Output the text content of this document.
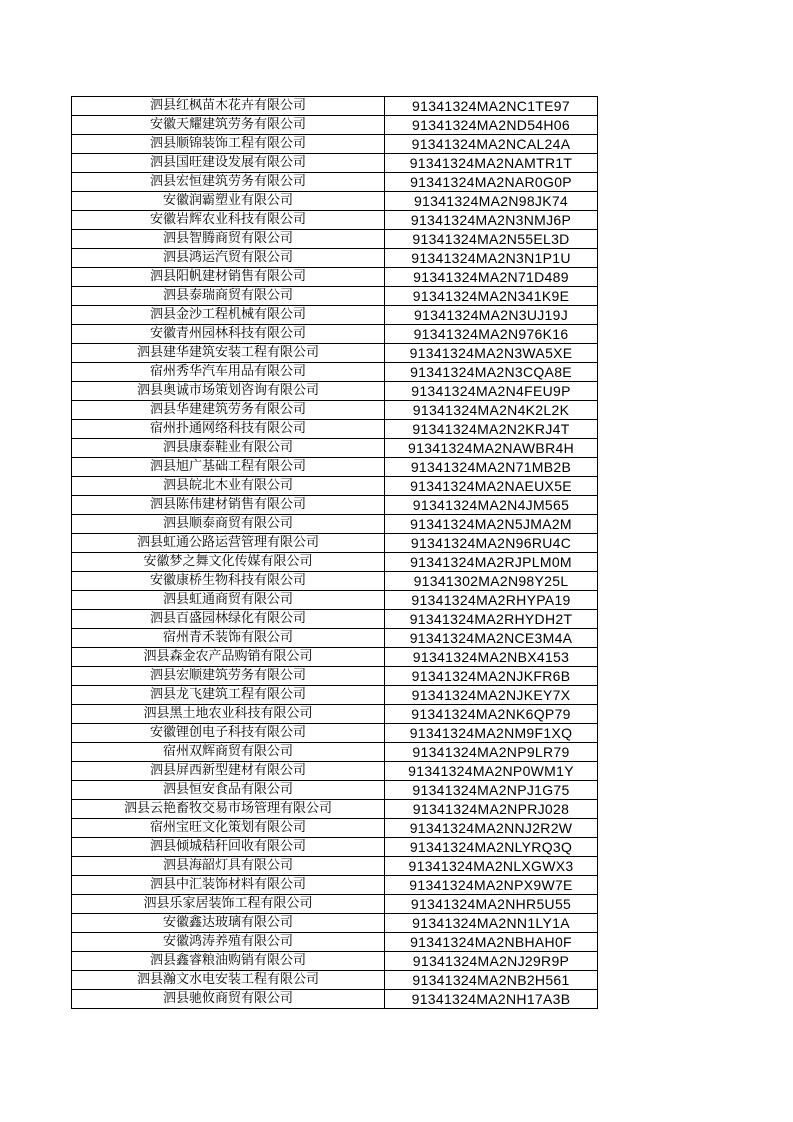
泗县红枫苗木花卉有限公司	91341324MA2NC1TE97
安徽天耀建筑劳务有限公司	91341324MA2ND54H06
泗县顺锦装饰工程有限公司	91341324MA2NCAL24A
泗县国旺建设发展有限公司	91341324MA2NAMTR1T
泗县宏恒建筑劳务有限公司	91341324MA2NAR0G0P
安徽润霸塑业有限公司	91341324MA2N98JK74
安徽岩辉农业科技有限公司	91341324MA2N3NMJ6P
泗县智腾商贸有限公司	91341324MA2N55EL3D
泗县鸿运汽贸有限公司	91341324MA2N3N1P1U
泗县阳帆建材销售有限公司	91341324MA2N71D489
泗县泰瑞商贸有限公司	91341324MA2N341K9E
泗县金沙工程机械有限公司	91341324MA2N3UJ19J
安徽青州园林科技有限公司	91341324MA2N976K16
泗县建华建筑安装工程有限公司	91341324MA2N3WA5XE
宿州秀华汽车用品有限公司	91341324MA2N3CQA8E
泗县奥诚市场策划咨询有限公司	91341324MA2N4FEU9P
泗县华建建筑劳务有限公司	91341324MA2N4K2L2K
宿州扑通网络科技有限公司	91341324MA2N2KRJ4T
泗县康泰鞋业有限公司	91341324MA2NAWBR4H
泗县旭广基础工程有限公司	91341324MA2N71MB2B
泗县皖北木业有限公司	91341324MA2NAEUX5E
泗县陈伟建材销售有限公司	91341324MA2N4JM565
泗县顺泰商贸有限公司	91341324MA2N5JMA2M
泗县虹通公路运营管理有限公司	91341324MA2N96RU4C
安徽梦之舞文化传媒有限公司	91341324MA2RJPLM0M
安徽康桥生物科技有限公司	91341302MA2N98Y25L
泗县虹通商贸有限公司	91341324MA2RHYPA19
泗县百盛园林绿化有限公司	91341324MA2RHYDH2T
宿州青禾装饰有限公司	91341324MA2NCE3M4A
泗县森金农产品购销有限公司	91341324MA2NBX4153
泗县宏顺建筑劳务有限公司	91341324MA2NJKFR6B
泗县龙飞建筑工程有限公司	91341324MA2NJKEY7X
泗县黑土地农业科技有限公司	91341324MA2NK6QP79
安徽锂创电子科技有限公司	91341324MA2NM9F1XQ
宿州双辉商贸有限公司	91341324MA2NP9LR79
泗县屏西新型建材有限公司	91341324MA2NP0WM1Y
泗县恒安食品有限公司	91341324MA2NPJ1G75
泗县云艳畜牧交易市场管理有限公司	91341324MA2NPRJ028
宿州宝旺文化策划有限公司	91341324MA2NNJ2R2W
泗县倾城秸秆回收有限公司	91341324MA2NLYRQ3Q
泗县海韶灯具有限公司	91341324MA2NLXGWX3
泗县中汇装饰材料有限公司	91341324MA2NPX9W7E
泗县乐家居装饰工程有限公司	91341324MA2NHR5U55
安徽鑫达玻璃有限公司	91341324MA2NN1LY1A
安徽鸿涛养殖有限公司	91341324MA2NBHAH0F
泗县鑫睿粮油购销有限公司	91341324MA2NJ29R9P
泗县瀚文水电安装工程有限公司	91341324MA2NB2H561
泗县驰攸商贸有限公司	91341324MA2NH17A3B
